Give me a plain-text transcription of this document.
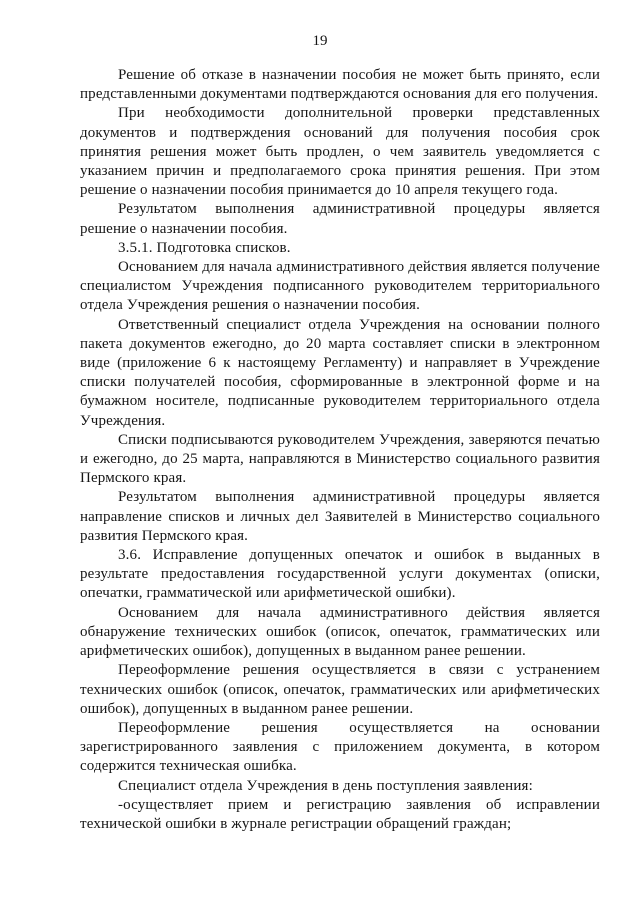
19

Решение об отказе в назначении пособия не может быть принято, если представленными документами подтверждаются основания для его получения.

При необходимости дополнительной проверки представленных документов и подтверждения оснований для получения пособия срок принятия решения может быть продлен, о чем заявитель уведомляется с указанием причин и предполагаемого срока принятия решения. При этом решение о назначении пособия принимается до 10 апреля текущего года.

Результатом выполнения административной процедуры является решение о назначении пособия.

3.5.1. Подготовка списков.

Основанием для начала административного действия является получение специалистом Учреждения подписанного руководителем территориального отдела Учреждения решения о назначении пособия.

Ответственный специалист отдела Учреждения на основании полного пакета документов ежегодно, до 20 марта составляет списки в электронном виде (приложение 6 к настоящему Регламенту) и направляет в Учреждение списки получателей пособия, сформированные в электронной форме и на бумажном носителе, подписанные руководителем территориального отдела Учреждения.

Списки подписываются руководителем Учреждения, заверяются печатью и ежегодно, до 25 марта, направляются в Министерство социального развития Пермского края.

Результатом выполнения административной процедуры является направление списков и личных дел Заявителей в Министерство социального развития Пермского края.

3.6. Исправление допущенных опечаток и ошибок в выданных в результате предоставления государственной услуги документах (описки, опечатки, грамматической или арифметической ошибки).

Основанием для начала административного действия является обнаружение технических ошибок (описок, опечаток, грамматических или арифметических ошибок), допущенных в выданном ранее решении.

Переоформление решения осуществляется в связи с устранением технических ошибок (описок, опечаток, грамматических или арифметических ошибок), допущенных в выданном ранее решении.

Переоформление решения осуществляется на основании зарегистрированного заявления с приложением документа, в котором содержится техническая ошибка.

Специалист отдела Учреждения в день поступления заявления:

-осуществляет прием и регистрацию заявления об исправлении технической ошибки в журнале регистрации обращений граждан;
